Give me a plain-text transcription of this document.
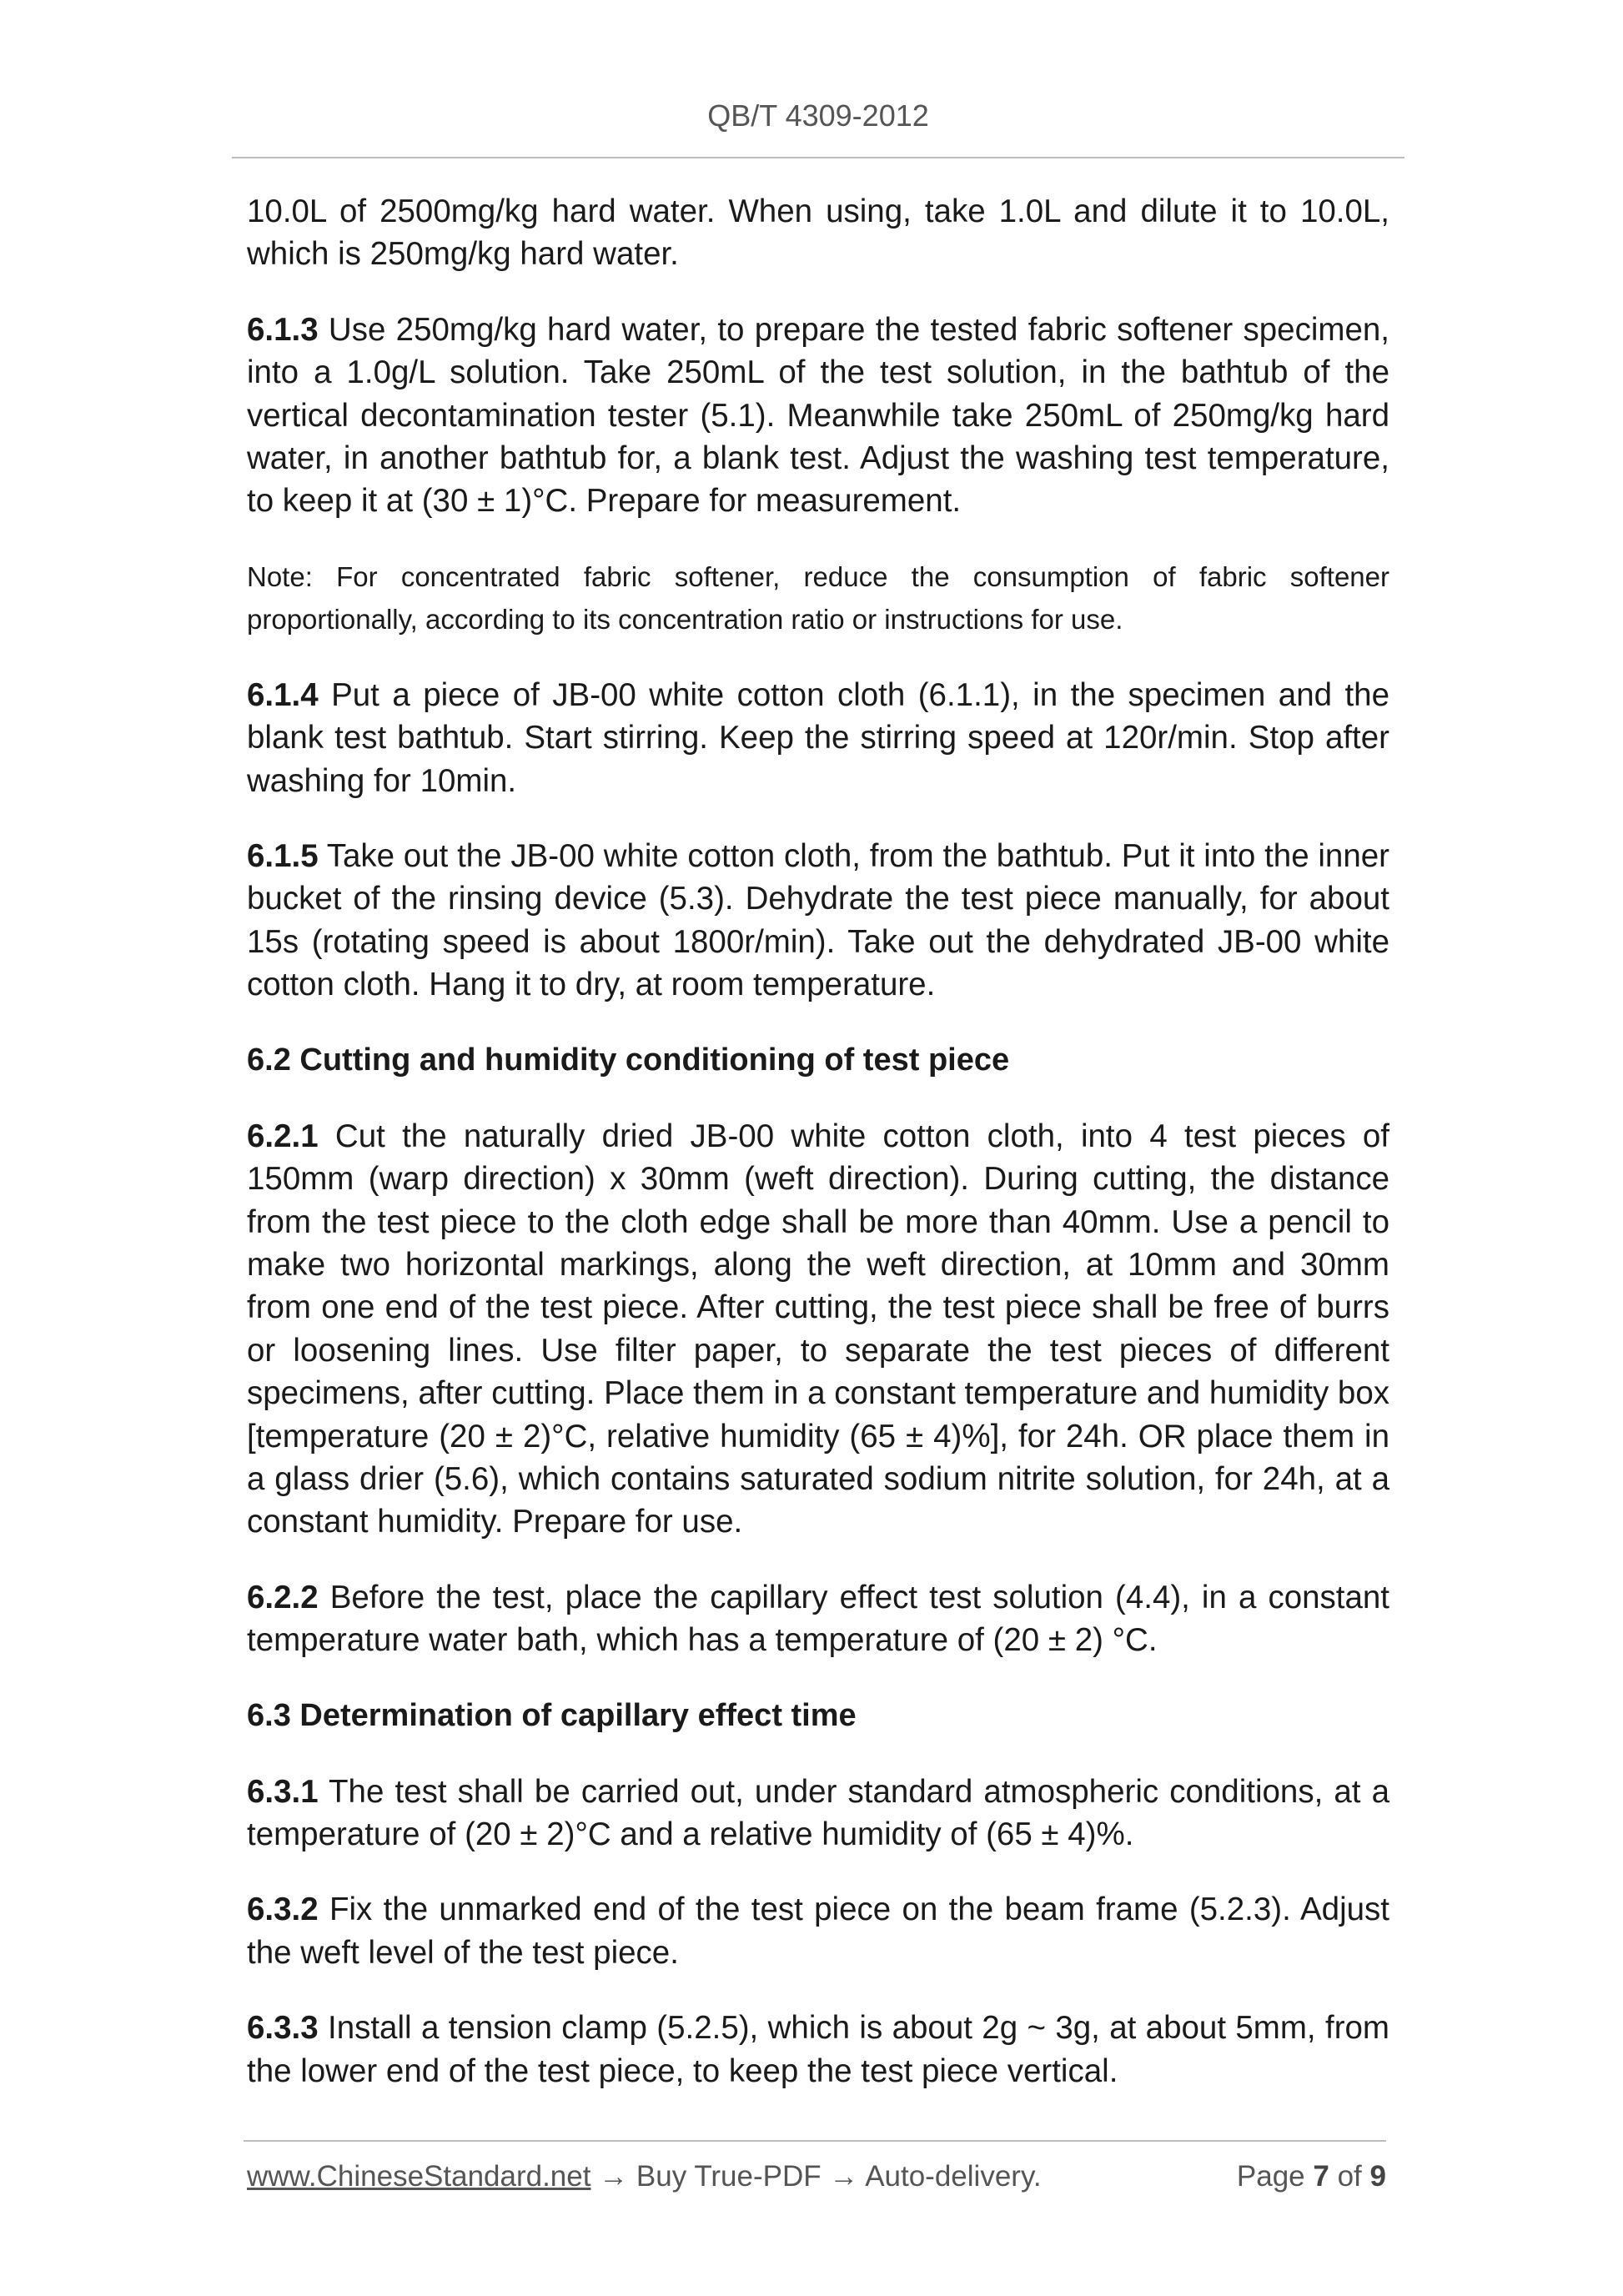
QB/T 4309-2012

10.0L of 2500mg/kg hard water. When using, take 1.0L and dilute it to 10.0L, which is 250mg/kg hard water.

6.1.3 Use 250mg/kg hard water, to prepare the tested fabric softener specimen, into a 1.0g/L solution. Take 250mL of the test solution, in the bathtub of the vertical decontamination tester (5.1). Meanwhile take 250mL of 250mg/kg hard water, in another bathtub for, a blank test. Adjust the washing test temperature, to keep it at (30 ± 1)°C. Prepare for measurement.

Note: For concentrated fabric softener, reduce the consumption of fabric softener proportionally, according to its concentration ratio or instructions for use.

6.1.4 Put a piece of JB-00 white cotton cloth (6.1.1), in the specimen and the blank test bathtub. Start stirring. Keep the stirring speed at 120r/min. Stop after washing for 10min.

6.1.5 Take out the JB-00 white cotton cloth, from the bathtub. Put it into the inner bucket of the rinsing device (5.3). Dehydrate the test piece manually, for about 15s (rotating speed is about 1800r/min). Take out the dehydrated JB-00 white cotton cloth. Hang it to dry, at room temperature.

6.2 Cutting and humidity conditioning of test piece

6.2.1 Cut the naturally dried JB-00 white cotton cloth, into 4 test pieces of 150mm (warp direction) x 30mm (weft direction). During cutting, the distance from the test piece to the cloth edge shall be more than 40mm. Use a pencil to make two horizontal markings, along the weft direction, at 10mm and 30mm from one end of the test piece. After cutting, the test piece shall be free of burrs or loosening lines. Use filter paper, to separate the test pieces of different specimens, after cutting. Place them in a constant temperature and humidity box [temperature (20 ± 2)°C, relative humidity (65 ± 4)%], for 24h. OR place them in a glass drier (5.6), which contains saturated sodium nitrite solution, for 24h, at a constant humidity. Prepare for use.

6.2.2 Before the test, place the capillary effect test solution (4.4), in a constant temperature water bath, which has a temperature of (20 ± 2) °C.

6.3 Determination of capillary effect time

6.3.1 The test shall be carried out, under standard atmospheric conditions, at a temperature of (20 ± 2)°C and a relative humidity of (65 ± 4)%.

6.3.2 Fix the unmarked end of the test piece on the beam frame (5.2.3). Adjust the weft level of the test piece.

6.3.3 Install a tension clamp (5.2.5), which is about 2g ~ 3g, at about 5mm, from the lower end of the test piece, to keep the test piece vertical.

www.ChineseStandard.net → Buy True-PDF → Auto-delivery.	Page 7 of 9
